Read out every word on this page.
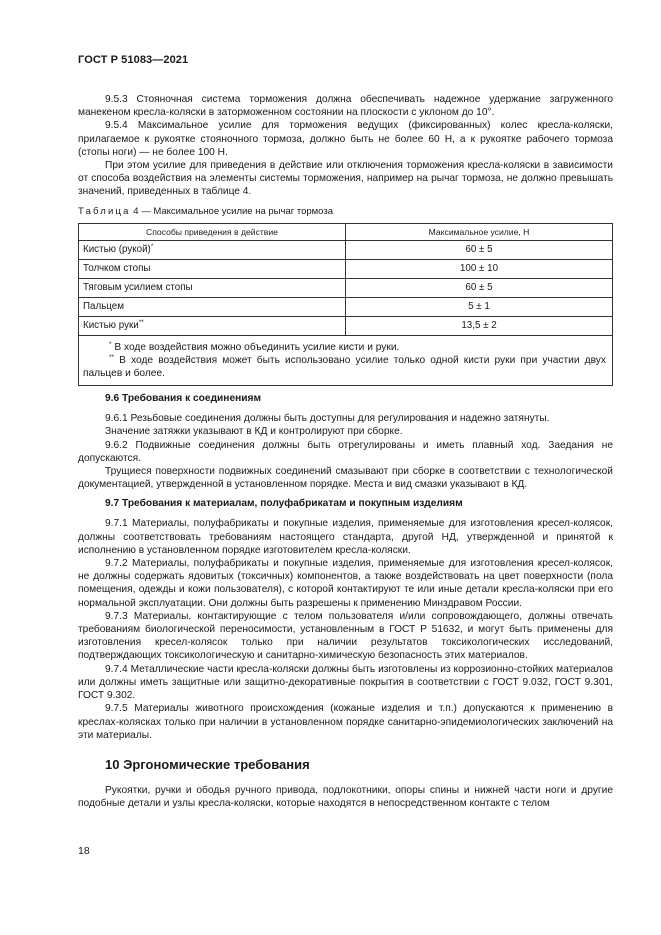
ГОСТ Р 51083—2021

9.5.3 Стояночная система торможения должна обеспечивать надежное удержание загруженного манекеном кресла-коляски в заторможенном состоянии на плоскости с уклоном до 10°.

9.5.4 Максимальное усилие для торможения ведущих (фиксированных) колес кресла-коляски, прилагаемое к рукоятке стояночного тормоза, должно быть не более 60 Н, а к рукоятке рабочего тормоза (стопы ноги) — не более 100 Н.

При этом усилие для приведения в действие или отключения торможения кресла-коляски в зависимости от способа воздействия на элементы системы торможения, например на рычаг тормоза, не должно превышать значений, приведенных в таблице 4.

Таблица 4 — Максимальное усилие на рычаг тормоза
Способы приведения в действие	Максимальное усилие, Н
Кистью (рукой)*	60 ± 5
Толчком стопы	100 ± 10
Тяговым усилием стопы	60 ± 5
Пальцем	5 ± 1
Кистью руки**	13,5 ± 2

* В ходе воздействия можно объединить усилие кисти и руки.

** В ходе воздействия может быть использовано усилие только одной кисти руки при участии двух пальцев и более.	

9.6 Требования к соединениям

9.6.1 Резьбовые соединения должны быть доступны для регулирования и надежно затянуты.

Значение затяжки указывают в КД и контролируют при сборке.

9.6.2 Подвижные соединения должны быть отрегулированы и иметь плавный ход. Заедания не допускаются.

Трущиеся поверхности подвижных соединений смазывают при сборке в соответствии с технологической документацией, утвержденной в установленном порядке. Места и вид смазки указывают в КД.

9.7 Требования к материалам, полуфабрикатам и покупным изделиям

9.7.1 Материалы, полуфабрикаты и покупные изделия, применяемые для изготовления кресел-колясок, должны соответствовать требованиям настоящего стандарта, другой НД, утвержденной и принятой к исполнению в установленном порядке изготовителем кресла-коляски.

9.7.2 Материалы, полуфабрикаты и покупные изделия, применяемые для изготовления кресел-колясок, не должны содержать ядовитых (токсичных) компонентов, а также воздействовать на цвет поверхности (пола помещения, одежды и кожи пользователя), с которой контактируют те или иные детали кресла-коляски при его нормальной эксплуатации. Они должны быть разрешены к применению Минздравом России.

9.7.3 Материалы, контактирующие с телом пользователя и/или сопровождающего, должны отвечать требованиям биологической переносимости, установленным в ГОСТ Р 51632, и могут быть применены для изготовления кресел-колясок только при наличии результатов токсикологических исследований, подтверждающих токсикологическую и санитарно-химическую безопасность этих материалов.

9.7.4 Металлические части кресла-коляски должны быть изготовлены из коррозионно-стойких материалов или должны иметь защитные или защитно-декоративные покрытия в соответствии с ГОСТ 9.032, ГОСТ 9.301, ГОСТ 9.302.

9.7.5 Материалы животного происхождения (кожаные изделия и т.п.) допускаются к применению в креслах-колясках только при наличии в установленном порядке санитарно-эпидемиологических заключений на эти материалы.

10 Эргономические требования

Рукоятки, ручки и ободья ручного привода, подлокотники, опоры спины и нижней части ноги и другие подобные детали и узлы кресла-коляски, которые находятся в непосредственном контакте с телом

18
